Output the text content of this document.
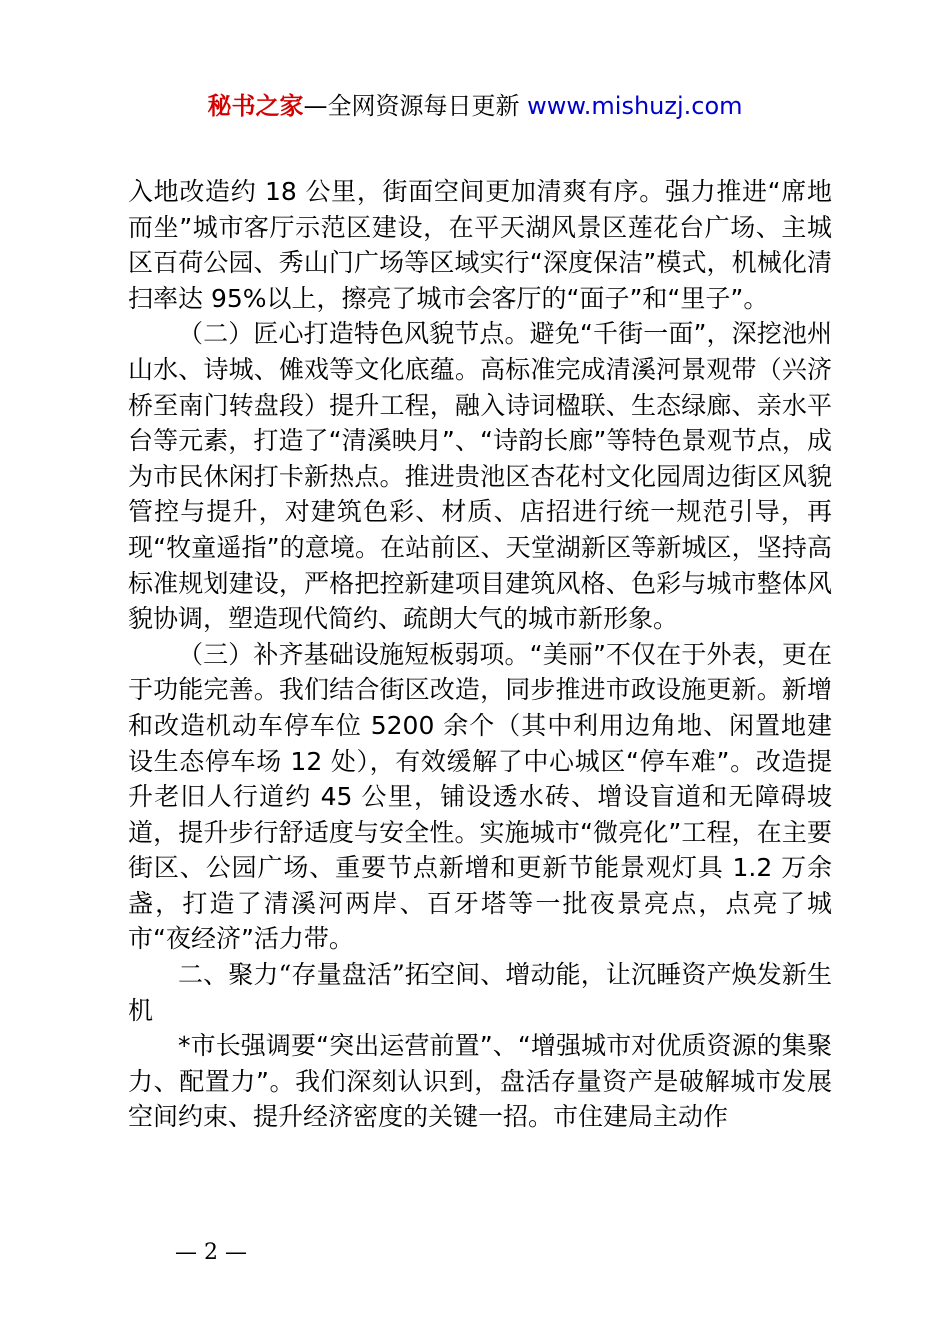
秘书之家—全网资源每日更新 www.mishuzj.com

入地改造约 18 公里，街面空间更加清爽有序。强力推进“席地而坐”城市客厅示范区建设，在平天湖风景区莲花台广场、主城区百荷公园、秀山门广场等区域实行“深度保洁”模式，机械化清扫率达 95%以上，擦亮了城市会客厅的“面子”和“里子”。

（二）匠心打造特色风貌节点。避免“千街一面”，深挖池州山水、诗城、傩戏等文化底蕴。高标准完成清溪河景观带（兴济桥至南门转盘段）提升工程，融入诗词楹联、生态绿廊、亲水平台等元素，打造了“清溪映月”、“诗韵长廊”等特色景观节点，成为市民休闲打卡新热点。推进贵池区杏花村文化园周边街区风貌管控与提升，对建筑色彩、材质、店招进行统一规范引导，再现“牧童遥指”的意境。在站前区、天堂湖新区等新城区，坚持高标准规划建设，严格把控新建项目建筑风格、色彩与城市整体风貌协调，塑造现代简约、疏朗大气的城市新形象。

（三）补齐基础设施短板弱项。“美丽”不仅在于外表，更在于功能完善。我们结合街区改造，同步推进市政设施更新。新增和改造机动车停车位 5200 余个（其中利用边角地、闲置地建设生态停车场 12 处），有效缓解了中心城区“停车难”。改造提升老旧人行道约 45 公里，铺设透水砖、增设盲道和无障碍坡道，提升步行舒适度与安全性。实施城市“微亮化”工程，在主要街区、公园广场、重要节点新增和更新节能景观灯具 1.2 万余盏，打造了清溪河两岸、百牙塔等一批夜景亮点，点亮了城市“夜经济”活力带。

二、聚力“存量盘活”拓空间、增动能，让沉睡资产焕发新生机

*市长强调要“突出运营前置”、“增强城市对优质资源的集聚力、配置力”。我们深刻认识到，盘活存量资产是破解城市发展空间约束、提升经济密度的关键一招。市住建局主动作

— 2 —
